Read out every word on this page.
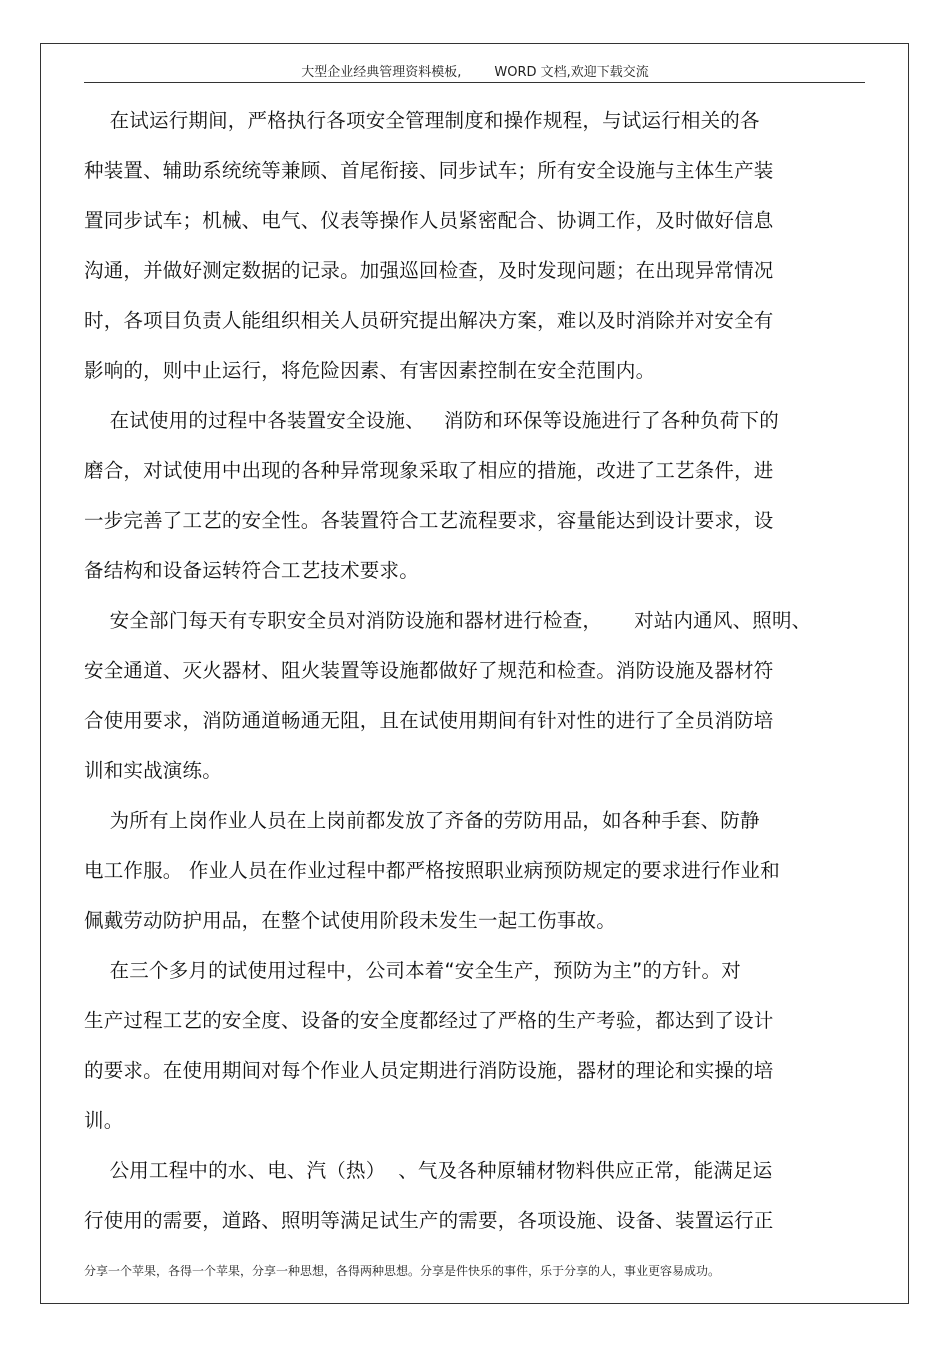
大型企业经典管理资料模板,        WORD 文档,欢迎下载交流
在试运行期间，严格执行各项安全管理制度和操作规程，与试运行相关的各
种装置、辅助系统统等兼顾、首尾衔接、同步试车；所有安全设施与主体生产装
置同步试车；机械、电气、仪表等操作人员紧密配合、协调工作，及时做好信息
沟通，并做好测定数据的记录。加强巡回检查，及时发现问题；在出现异常情况
时，各项目负责人能组织相关人员研究提出解决方案，难以及时消除并对安全有
影响的，则中止运行，将危险因素、有害因素控制在安全范围内。
在试使用的过程中各装置安全设施、   消防和环保等设施进行了各种负荷下的
磨合，对试使用中出现的各种异常现象采取了相应的措施，改进了工艺条件，进
一步完善了工艺的安全性。各装置符合工艺流程要求，容量能达到设计要求，设
备结构和设备运转符合工艺技术要求。
安全部门每天有专职安全员对消防设施和器材进行检查，     对站内通风、照明、
安全通道、灭火器材、阻火装置等设施都做好了规范和检查。消防设施及器材符
合使用要求，消防通道畅通无阻，且在试使用期间有针对性的进行了全员消防培
训和实战演练。
为所有上岗作业人员在上岗前都发放了齐备的劳防用品，如各种手套、防静
电工作服。 作业人员在作业过程中都严格按照职业病预防规定的要求进行作业和
佩戴劳动防护用品，在整个试使用阶段未发生一起工伤事故。
在三个多月的试使用过程中，公司本着“安全生产，预防为主”的方针。对
生产过程工艺的安全度、设备的安全度都经过了严格的生产考验，都达到了设计
的要求。在使用期间对每个作业人员定期进行消防设施，器材的理论和实操的培
训。
公用工程中的水、电、汽（热）  、气及各种原辅材物料供应正常，能满足运
行使用的需要，道路、照明等满足试生产的需要，各项设施、设备、装置运行正
分享一个苹果，各得一个苹果，分享一种思想，各得两种思想。分享是件快乐的事件，乐于分享的人，事业更容易成功。
